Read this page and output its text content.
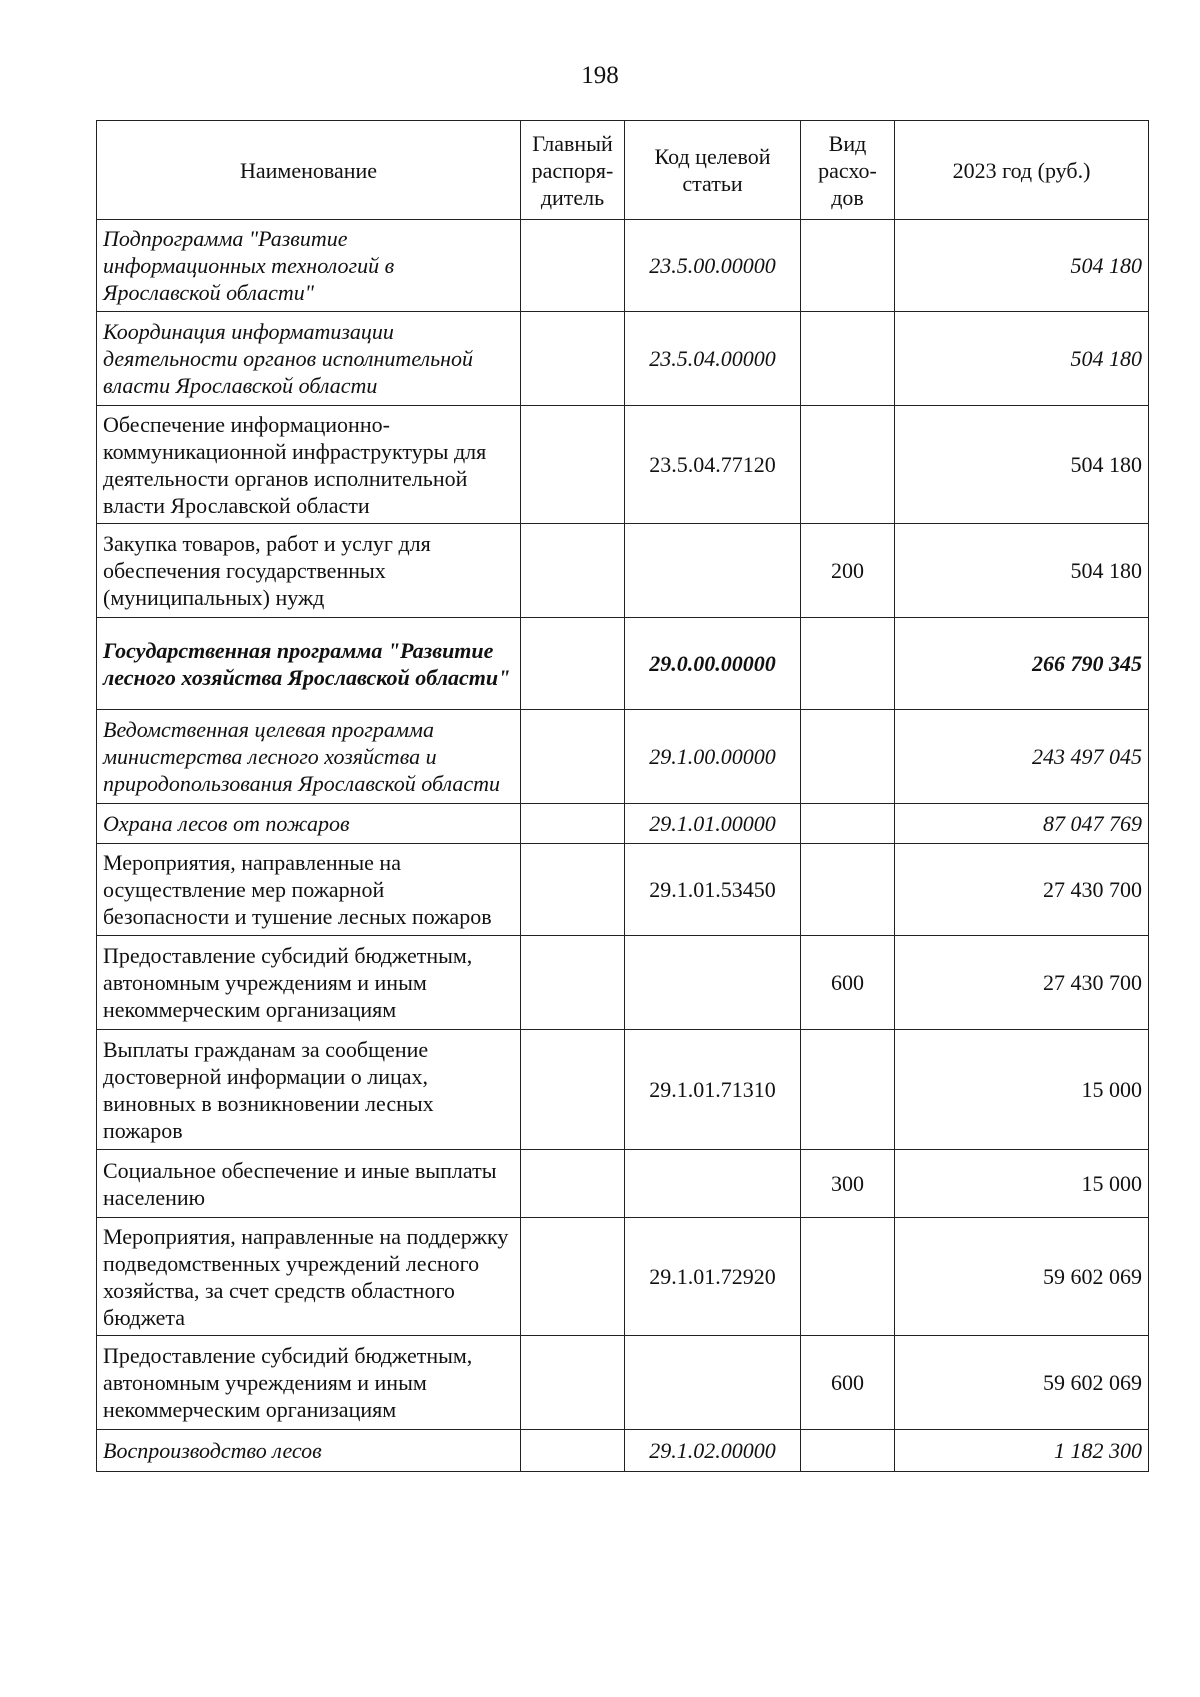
198
Наименование	Главный распоря-дитель	Код целевой статьи	Вид расхо-дов	2023 год (руб.)
Подпрограмма "Развитие информационных технологий в Ярославской области"		23.5.00.00000		504 180
Координация информатизации деятельности органов исполнительной власти Ярославской области		23.5.04.00000		504 180
Обеспечение информационно-коммуникационной инфраструктуры для деятельности органов исполнительной власти Ярославской области		23.5.04.77120		504 180
Закупка товаров, работ и услуг для обеспечения государственных (муниципальных) нужд			200	504 180
Государственная программа "Развитие лесного хозяйства Ярославской области"		29.0.00.00000		266 790 345
Ведомственная целевая программа министерства лесного хозяйства и природопользования Ярославской области		29.1.00.00000		243 497 045
Охрана лесов от пожаров		29.1.01.00000		87 047 769
Мероприятия, направленные на осуществление мер пожарной безопасности и тушение лесных пожаров		29.1.01.53450		27 430 700
Предоставление субсидий бюджетным, автономным учреждениям и иным некоммерческим организациям			600	27 430 700
Выплаты гражданам за сообщение достоверной информации о лицах, виновных в возникновении лесных пожаров		29.1.01.71310		15 000
Социальное обеспечение и иные выплаты населению			300	15 000
Мероприятия, направленные на поддержку подведомственных учреждений лесного хозяйства, за счет средств областного бюджета		29.1.01.72920		59 602 069
Предоставление субсидий бюджетным, автономным учреждениям и иным некоммерческим организациям			600	59 602 069
Воспроизводство лесов		29.1.02.00000		1 182 300
